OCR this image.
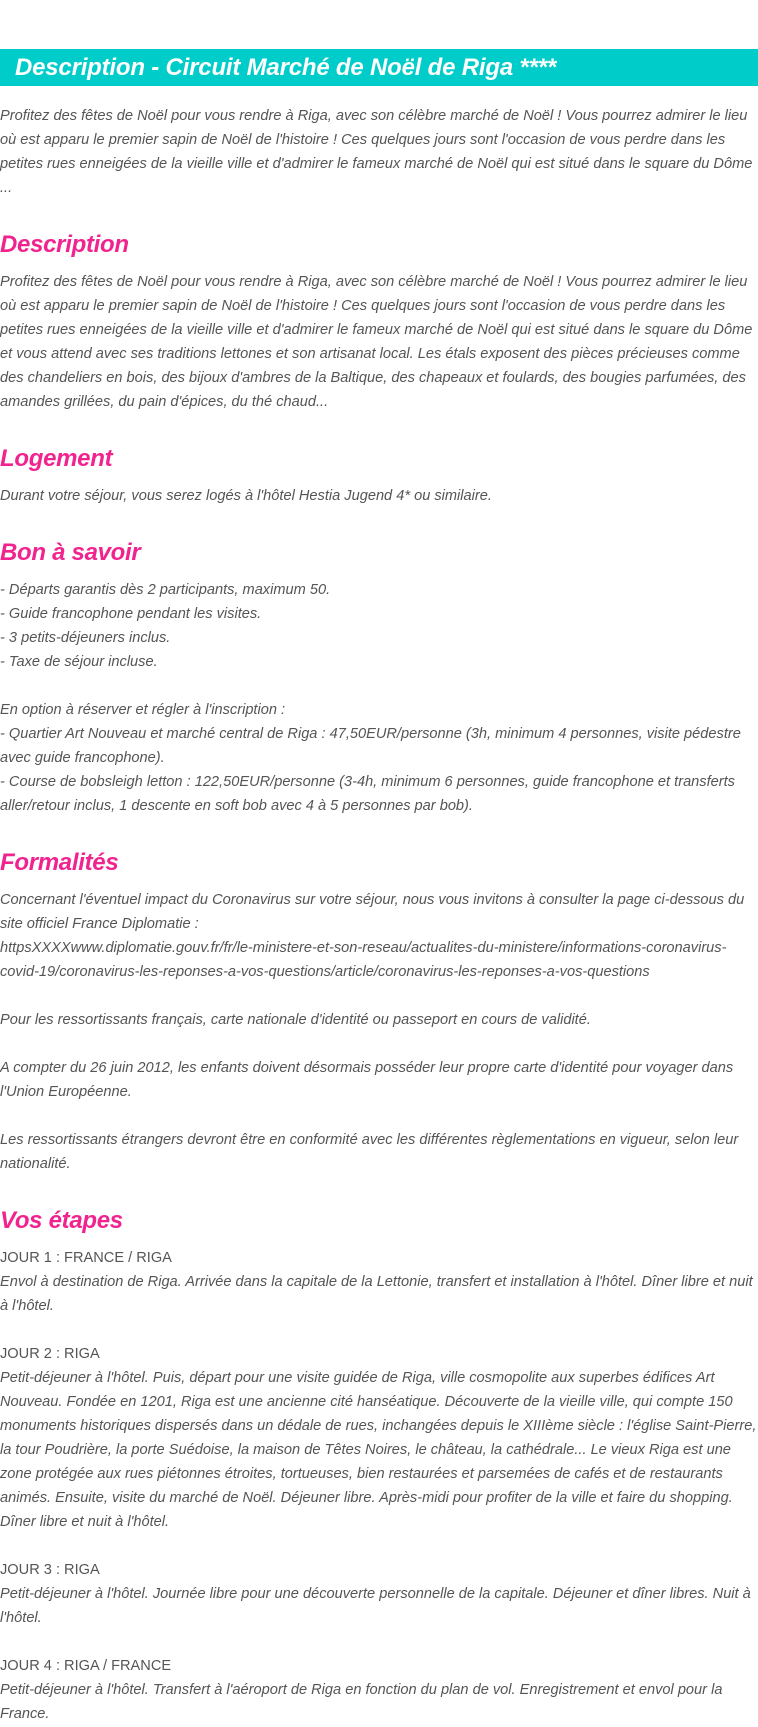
Description - Circuit Marché de Noël de Riga ****

Profitez des fêtes de Noël pour vous rendre à Riga, avec son célèbre marché de Noël ! Vous pourrez admirer le lieu où est apparu le premier sapin de Noël de l'histoire ! Ces quelques jours sont l'occasion de vous perdre dans les petites rues enneigées de la vieille ville et d'admirer le fameux marché de Noël qui est situé dans le square du Dôme ...

Description

Profitez des fêtes de Noël pour vous rendre à Riga, avec son célèbre marché de Noël ! Vous pourrez admirer le lieu où est apparu le premier sapin de Noël de l'histoire ! Ces quelques jours sont l'occasion de vous perdre dans les petites rues enneigées de la vieille ville et d'admirer le fameux marché de Noël qui est situé dans le square du Dôme et vous attend avec ses traditions lettones et son artisanat local. Les étals exposent des pièces précieuses comme des chandeliers en bois, des bijoux d'ambres de la Baltique, des chapeaux et foulards, des bougies parfumées, des amandes grillées, du pain d'épices, du thé chaud...

Logement

Durant votre séjour, vous serez logés à l'hôtel Hestia Jugend 4* ou similaire.

Bon à savoir

- Départs garantis dès 2 participants, maximum 50.

- Guide francophone pendant les visites.

- 3 petits-déjeuners inclus.

- Taxe de séjour incluse.

En option à réserver et régler à l'inscription :

- Quartier Art Nouveau et marché central de Riga : 47,50EUR/personne (3h, minimum 4 personnes, visite pédestre avec guide francophone).

- Course de bobsleigh letton : 122,50EUR/personne (3-4h, minimum 6 personnes, guide francophone et transferts aller/retour inclus, 1 descente en soft bob avec 4 à 5 personnes par bob).

Formalités

Concernant l'éventuel impact du Coronavirus sur votre séjour, nous vous invitons à consulter la page ci-dessous du site officiel France Diplomatie :

httpsXXXXwww.diplomatie.gouv.fr/fr/le-ministere-et-son-reseau/actualites-du-ministere/informations-coronavirus-covid-19/coronavirus-les-reponses-a-vos-questions/article/coronavirus-les-reponses-a-vos-questions

Pour les ressortissants français, carte nationale d'identité ou passeport en cours de validité.

A compter du 26 juin 2012, les enfants doivent désormais posséder leur propre carte d'identité pour voyager dans l'Union Européenne.

Les ressortissants étrangers devront être en conformité avec les différentes règlementations en vigueur, selon leur nationalité.

Vos étapes

JOUR 1 : FRANCE / RIGA

Envol à destination de Riga. Arrivée dans la capitale de la Lettonie, transfert et installation à l'hôtel. Dîner libre et nuit à l'hôtel.

JOUR 2 : RIGA

Petit-déjeuner à l'hôtel. Puis, départ pour une visite guidée de Riga, ville cosmopolite aux superbes édifices Art Nouveau. Fondée en 1201, Riga est une ancienne cité hanséatique. Découverte de la vieille ville, qui compte 150 monuments historiques dispersés dans un dédale de rues, inchangées depuis le XIIIème siècle : l'église Saint-Pierre, la tour Poudrière, la porte Suédoise, la maison de Têtes Noires, le château, la cathédrale... Le vieux Riga est une zone protégée aux rues piétonnes étroites, tortueuses, bien restaurées et parsemées de cafés et de restaurants animés. Ensuite, visite du marché de Noël. Déjeuner libre. Après-midi pour profiter de la ville et faire du shopping. Dîner libre et nuit à l'hôtel.

JOUR 3 : RIGA

Petit-déjeuner à l'hôtel. Journée libre pour une découverte personnelle de la capitale. Déjeuner et dîner libres. Nuit à l'hôtel.

JOUR 4 : RIGA / FRANCE

Petit-déjeuner à l'hôtel. Transfert à l'aéroport de Riga en fonction du plan de vol. Enregistrement et envol pour la France.
